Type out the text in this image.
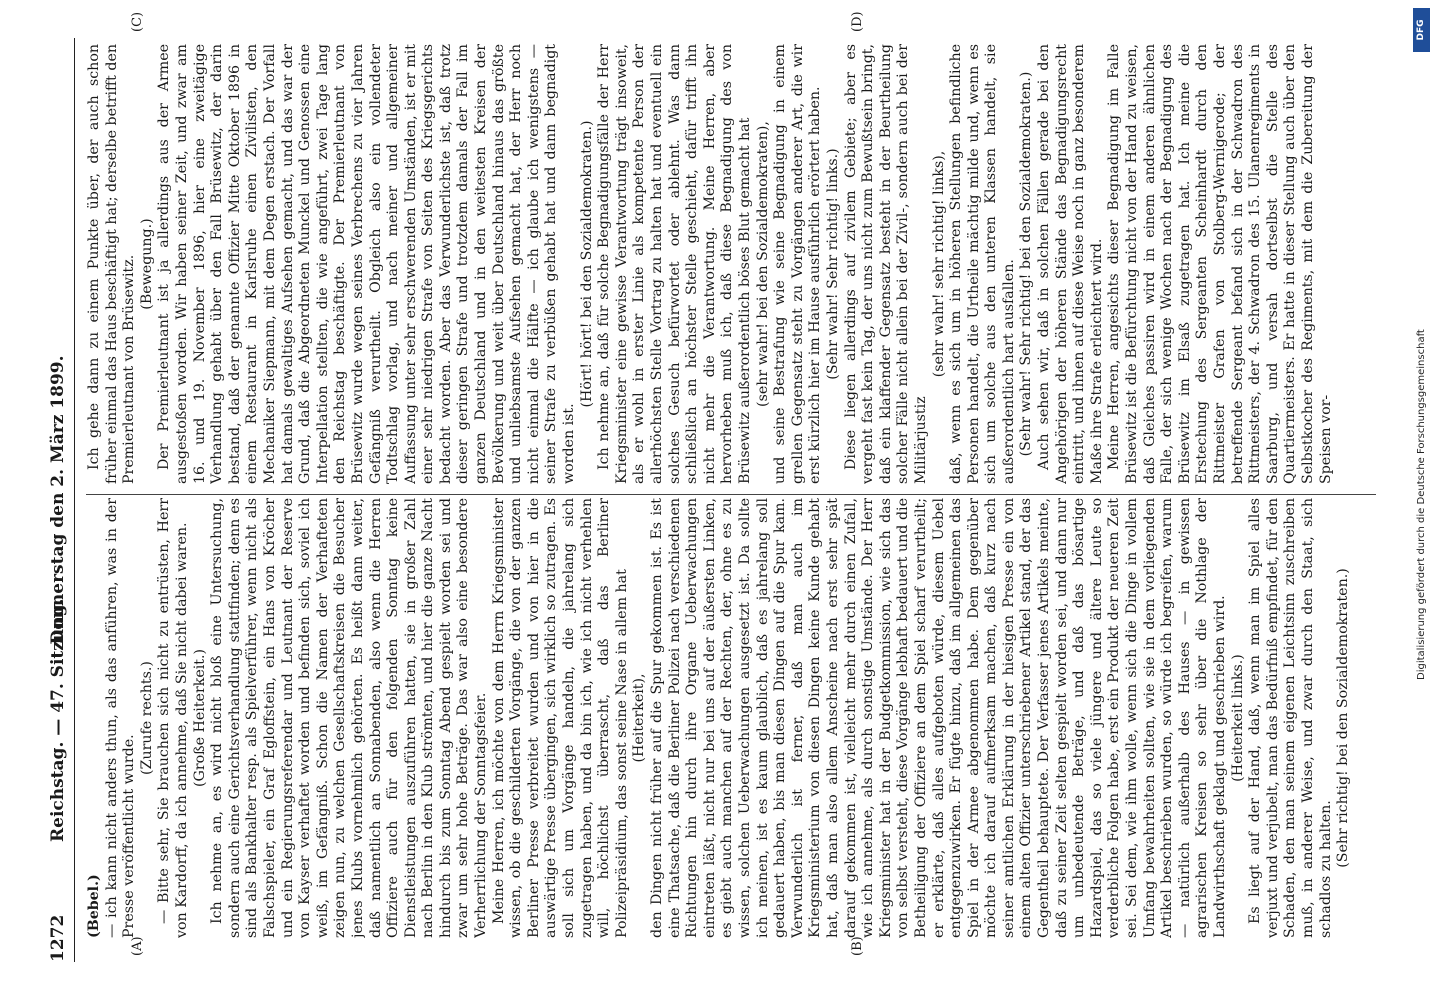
1272
Reichstag. — 47. Sitzung.
Donnerstag den 2. März 1899.
(A)	(B)
(C)	(D)

(Bebel.) — ich kann nicht anders thun, als das anführen, was in der Presse veröffentlicht wurde.

(Zurufe rechts.) — Bitte sehr, Sie brauchen sich nicht zu entrüsten, Herr von Kardorff, da ich annehme, daß Sie nicht dabei waren. (Große Heiterkeit.) Ich nehme an, es wird nicht bloß eine Untersuchung, sondern auch eine Gerichtsverhandlung stattfinden; denn es sind als Bankhalter resp. als Spielverführer, wenn nicht als Falschspieler, ein Graf Egloffstein, ein Hans von Kröcher und ein Regierungsreferendar und Leutnant der Reserve von Kayser verhaftet worden und befinden sich, soviel ich weiß, im Gefängniß. Schon die Namen der Verhafteten zeigen nun, zu welchen Gesellschaftskreisen die Besucher jenes Klubs vornehmlich gehörten. Es heißt dann weiter, daß namentlich an Sonnabenden, also wenn die Herren Offiziere auch für den folgenden Sonntag keine Dienstleistungen auszuführen hatten, sie in großer Zahl nach Berlin in den Klub strömten, und hier die ganze Nacht hindurch bis zum Sonntag Abend gespielt worden sei und zwar um sehr hohe Beträge. Das war also eine besondere Verherrlichung der Sonntagsfeier. Meine Herren, ich möchte von dem Herrn Kriegsminister wissen, ob die geschilderten Vorgänge, die von der ganzen Berliner Presse verbreitet wurden und von hier in die auswärtige Presse übergingen, sich wirklich so zutragen. Es soll sich um Vorgänge handeln, die jahrelang sich zugetragen haben, und da bin ich, wie ich nicht verhehlen will, höchlichst überrascht, daß das Berliner Polizeipräsidium, das sonst seine Nase in allem hat (Heiterkeit), den Dingen nicht früher auf die Spur gekommen ist. Es ist eine Thatsache, daß die Berliner Polizei nach verschiedenen Richtungen hin durch ihre Organe Ueberwachungen eintreten läßt, nicht nur bei uns auf der äußersten Linken, es giebt auch manchen auf der Rechten, der, ohne es zu wissen, solchen Ueberwachungen ausgesetzt ist. Da sollte ich meinen, ist es kaum glaublich, daß es jahrelang soll gedauert haben, bis man diesen Dingen auf die Spur kam. Verwunderlich ist ferner, daß man auch im Kriegsministerium von diesen Dingen keine Kunde gehabt hat, daß man also allem Anscheine nach erst sehr spät darauf gekommen ist, vielleicht mehr durch einen Zufall, wie ich annehme, als durch sonstige Umstände. Der Herr Kriegsminister hat in der Budgetkommission, wie sich das von selbst versteht, diese Vorgänge lebhaft bedauert und die Betheiligung der Offiziere an dem Spiel scharf verurtheilt; er erklärte, daß alles aufgeboten würde, diesem Uebel entgegenzuwirken. Er fügte hinzu, daß im allgemeinen das Spiel in der Armee abgenommen habe. Dem gegenüber möchte ich darauf aufmerksam machen, daß kurz nach seiner amtlichen Erklärung in der hiesigen Presse ein von einem alten Offizier unterschriebener Artikel stand, der das Gegentheil behauptete. Der Verfasser jenes Artikels meinte, daß zu seiner Zeit selten gespielt worden sei, und dann nur um unbedeutende Beträge, und daß das bösartige Hazardspiel, das so viele jüngere und ältere Leute so verderbliche Folgen habe, erst ein Produkt der neueren Zeit sei. Sei dem, wie ihm wolle, wenn sich die Dinge in vollem Umfang bewahrheiten sollten, wie sie in dem vorliegenden Artikel beschrieben wurden, so würde ich begreifen, warum — natürlich außerhalb des Hauses — in gewissen agrarischen Kreisen so sehr über die Nothlage der Landwirthschaft geklagt und geschrieben wird. (Heiterkeit links.) Es liegt auf der Hand, daß, wenn man im Spiel alles verjuxt und verjubelt, man das Bedürfniß empfindet, für den Schaden, den man seinem eigenen Leichtsinn zuschreiben muß, in anderer Weise, und zwar durch den Staat, sich schadlos zu halten.

(Sehr richtig! bei den Sozialdemokraten.)

Ich gehe dann zu einem Punkte über, der auch schon früher einmal das Haus beschäftigt hat; derselbe betrifft den Premierleutnant von Brüsewitz. (Bewegung.) Der Premierleutnant ist ja allerdings aus der Armee ausgestoßen worden. Wir haben seiner Zeit, und zwar am 16. und 19. November 1896, hier eine zweitägige Verhandlung gehabt über den Fall Brüsewitz, der darin bestand, daß der genannte Offizier Mitte Oktober 1896 in einem Restaurant in Karlsruhe einen Zivilisten, den Mechaniker Siepmann, mit dem Degen erstach. Der Vorfall hat damals gewaltiges Aufsehen gemacht, und das war der Grund, daß die Abgeordneten Munckel und Genossen eine Interpellation stellten, die wie angeführt, zwei Tage lang den Reichstag beschäftigte. Der Premierleutnant von Brüsewitz wurde wegen seines Verbrechens zu vier Jahren Gefängniß verurtheilt. Obgleich also ein vollendeter Todtschlag vorlag, und nach meiner und allgemeiner Auffassung unter sehr erschwerenden Umständen, ist er mit einer sehr niedrigen Strafe von Seiten des Kriegsgerichts bedacht worden. Aber das Verwunderlichste ist, daß trotz dieser geringen Strafe und trotzdem damals der Fall im ganzen Deutschland und in den weitesten Kreisen der Bevölkerung und weit über Deutschland hinaus das größte und unliebsamste Aufsehen gemacht hat, der Herr noch nicht einmal die Hälfte — ich glaube ich wenigstens — seiner Strafe zu verbüßen gehabt hat und dann begnadigt worden ist.

(Hört! hört! bei den Sozialdemokraten.) Ich nehme an, daß für solche Begnadigungsfälle der Herr Kriegsminister eine gewisse Verantwortung trägt insoweit, als er wohl in erster Linie als kompetente Person der allerhöchsten Stelle Vortrag zu halten hat und eventuell ein solches Gesuch befürwortet oder ablehnt. Was dann schließlich an höchster Stelle geschieht, dafür trifft ihn nicht mehr die Verantwortung. Meine Herren, aber hervorheben muß ich, daß diese Begnadigung des von Brüsewitz außerordentlich böses Blut gemacht hat (sehr wahr! bei den Sozialdemokraten), und seine Bestrafung wie seine Begnadigung in einem grellen Gegensatz steht zu Vorgängen anderer Art, die wir erst kürzlich hier im Hause ausführlich erörtert haben. (Sehr wahr! Sehr richtig! links.) Diese liegen allerdings auf zivilem Gebiete; aber es vergeht fast kein Tag, der uns nicht zum Bewußtsein bringt, daß ein klaffender Gegensatz besteht in der Beurtheilung solcher Fälle nicht allein bei der Zivil-, sondern auch bei der Militärjustiz

(sehr wahr! sehr richtig! links), daß, wenn es sich um in höheren Stellungen befindliche Personen handelt, die Urtheile mächtig milde und, wenn es sich um solche aus den unteren Klassen handelt, sie außerordentlich hart ausfallen. (Sehr wahr! Sehr richtig! bei den Sozialdemokraten.) Auch sehen wir, daß in solchen Fällen gerade bei den Angehörigen der höheren Stände das Begnadigungsrecht eintritt, und ihnen auf diese Weise noch in ganz besonderem Maße ihre Strafe erleichtert wird. Meine Herren, angesichts dieser Begnadigung im Falle Brüsewitz ist die Befürchtung nicht von der Hand zu weisen, daß Gleiches passiren wird in einem anderen ähnlichen Falle, der sich wenige Wochen nach der Begnadigung des Brüsewitz im Elsaß zugetragen hat. Ich meine die Erstechung des Sergeanten Scheinhardt durch den Rittmeister Grafen von Stolberg-Wernigerode; der betreffende Sergeant befand sich in der Schwadron des Rittmeisters, der 4. Schwadron des 15. Ulanenregiments in Saarburg, und versah dortselbst die Stelle des Quartiermeisters. Er hatte in dieser Stellung auch über den Selbstkocher des Regiments, mit dem die Zubereitung der Speisen vor-	Digitalisierung gefördert durch die Deutsche Forschungsgemeinschaft
DFG
